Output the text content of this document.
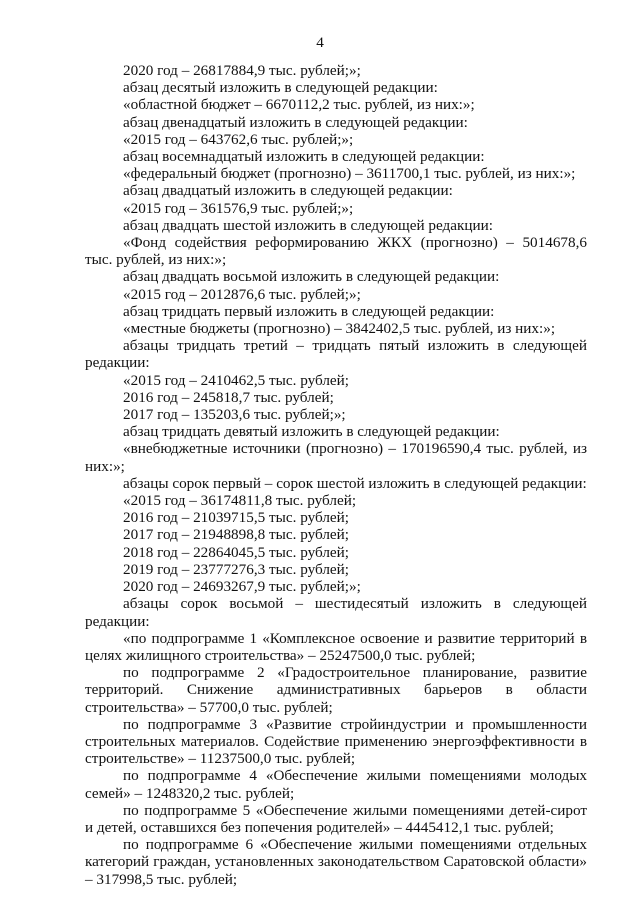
4

2020 год – 26817884,9 тыс. рублей;»;

абзац десятый изложить в следующей редакции:

«областной бюджет – 6670112,2 тыс. рублей, из них:»;

абзац двенадцатый изложить в следующей редакции:

«2015 год – 643762,6 тыс. рублей;»;

абзац восемнадцатый изложить в следующей редакции:

«федеральный бюджет (прогнозно) – 3611700,1 тыс. рублей, из них:»;

абзац двадцатый изложить в следующей редакции:

«2015 год – 361576,9 тыс. рублей;»;

абзац двадцать шестой изложить в следующей редакции:

«Фонд содействия реформированию ЖКХ (прогнозно) – 5014678,6 тыс. рублей, из них:»;

абзац двадцать восьмой изложить в следующей редакции:

«2015 год – 2012876,6 тыс. рублей;»;

абзац тридцать первый изложить в следующей редакции:

«местные бюджеты (прогнозно) – 3842402,5 тыс. рублей, из них:»;

абзацы тридцать третий – тридцать пятый изложить в следующей редакции:

«2015 год – 2410462,5 тыс. рублей;

2016 год – 245818,7 тыс. рублей;

2017 год – 135203,6 тыс. рублей;»;

абзац тридцать девятый изложить в следующей редакции:

«внебюджетные источники (прогнозно) – 170196590,4 тыс. рублей, из них:»;

абзацы сорок первый – сорок шестой изложить в следующей редакции:

«2015 год – 36174811,8 тыс. рублей;

2016 год – 21039715,5 тыс. рублей;

2017 год – 21948898,8 тыс. рублей;

2018 год – 22864045,5 тыс. рублей;

2019 год – 23777276,3 тыс. рублей;

2020 год – 24693267,9 тыс. рублей;»;

абзацы сорок восьмой – шестидесятый изложить в следующей редакции:

«по подпрограмме 1 «Комплексное освоение и развитие территорий в целях жилищного строительства» – 25247500,0 тыс. рублей;

по подпрограмме 2 «Градостроительное планирование, развитие территорий. Снижение административных барьеров в области строительства» – 57700,0 тыс. рублей;

по подпрограмме 3 «Развитие стройиндустрии и промышленности строительных материалов. Содействие применению энергоэффективности в строительстве» – 11237500,0 тыс. рублей;

по подпрограмме 4 «Обеспечение жилыми помещениями молодых семей» – 1248320,2 тыс. рублей;

по подпрограмме 5 «Обеспечение жилыми помещениями детей-сирот и детей, оставшихся без попечения родителей» – 4445412,1 тыс. рублей;

по подпрограмме 6 «Обеспечение жилыми помещениями отдельных категорий граждан, установленных законодательством Саратовской области» – 317998,5 тыс. рублей;
